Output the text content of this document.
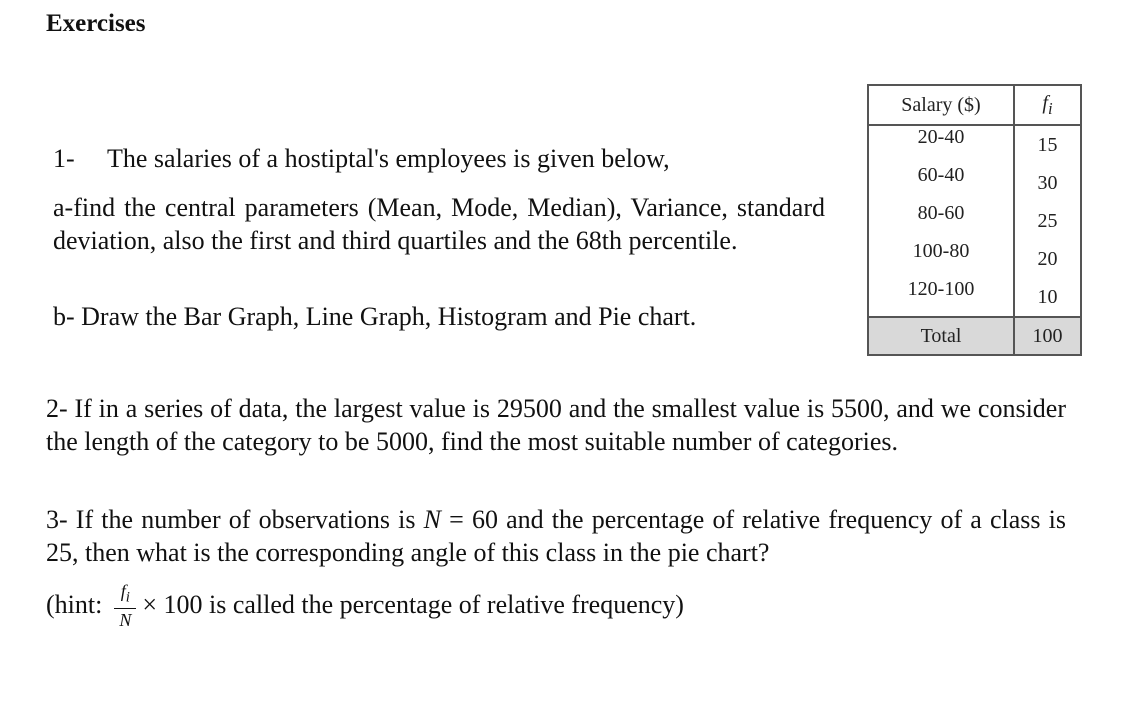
Exercises
1- The salaries of a hostiptal's employees is given below,

a-find the central parameters (Mean, Mode, Median), Variance, standard deviation, also the first and third quartiles and the 68th percentile.

b- Draw the Bar Graph, Line Graph, Histogram and Pie chart.

Salary ($)	$f_i$
20-40	15
60-40	30
80-60	25
100-80	20
120-100	10
Total	100

2- If in a series of data, the largest value is 29500 and the smallest value is 5500, and we consider the length of the category to be 5000, find the most suitable number of categories.

3- If the number of observations is N = 60 and the percentage of relative frequency of a class is 25, then what is the corresponding angle of this class in the pie chart?

(hint: $\frac{f_i}{N} \times 100$ is called the percentage of relative frequency)
